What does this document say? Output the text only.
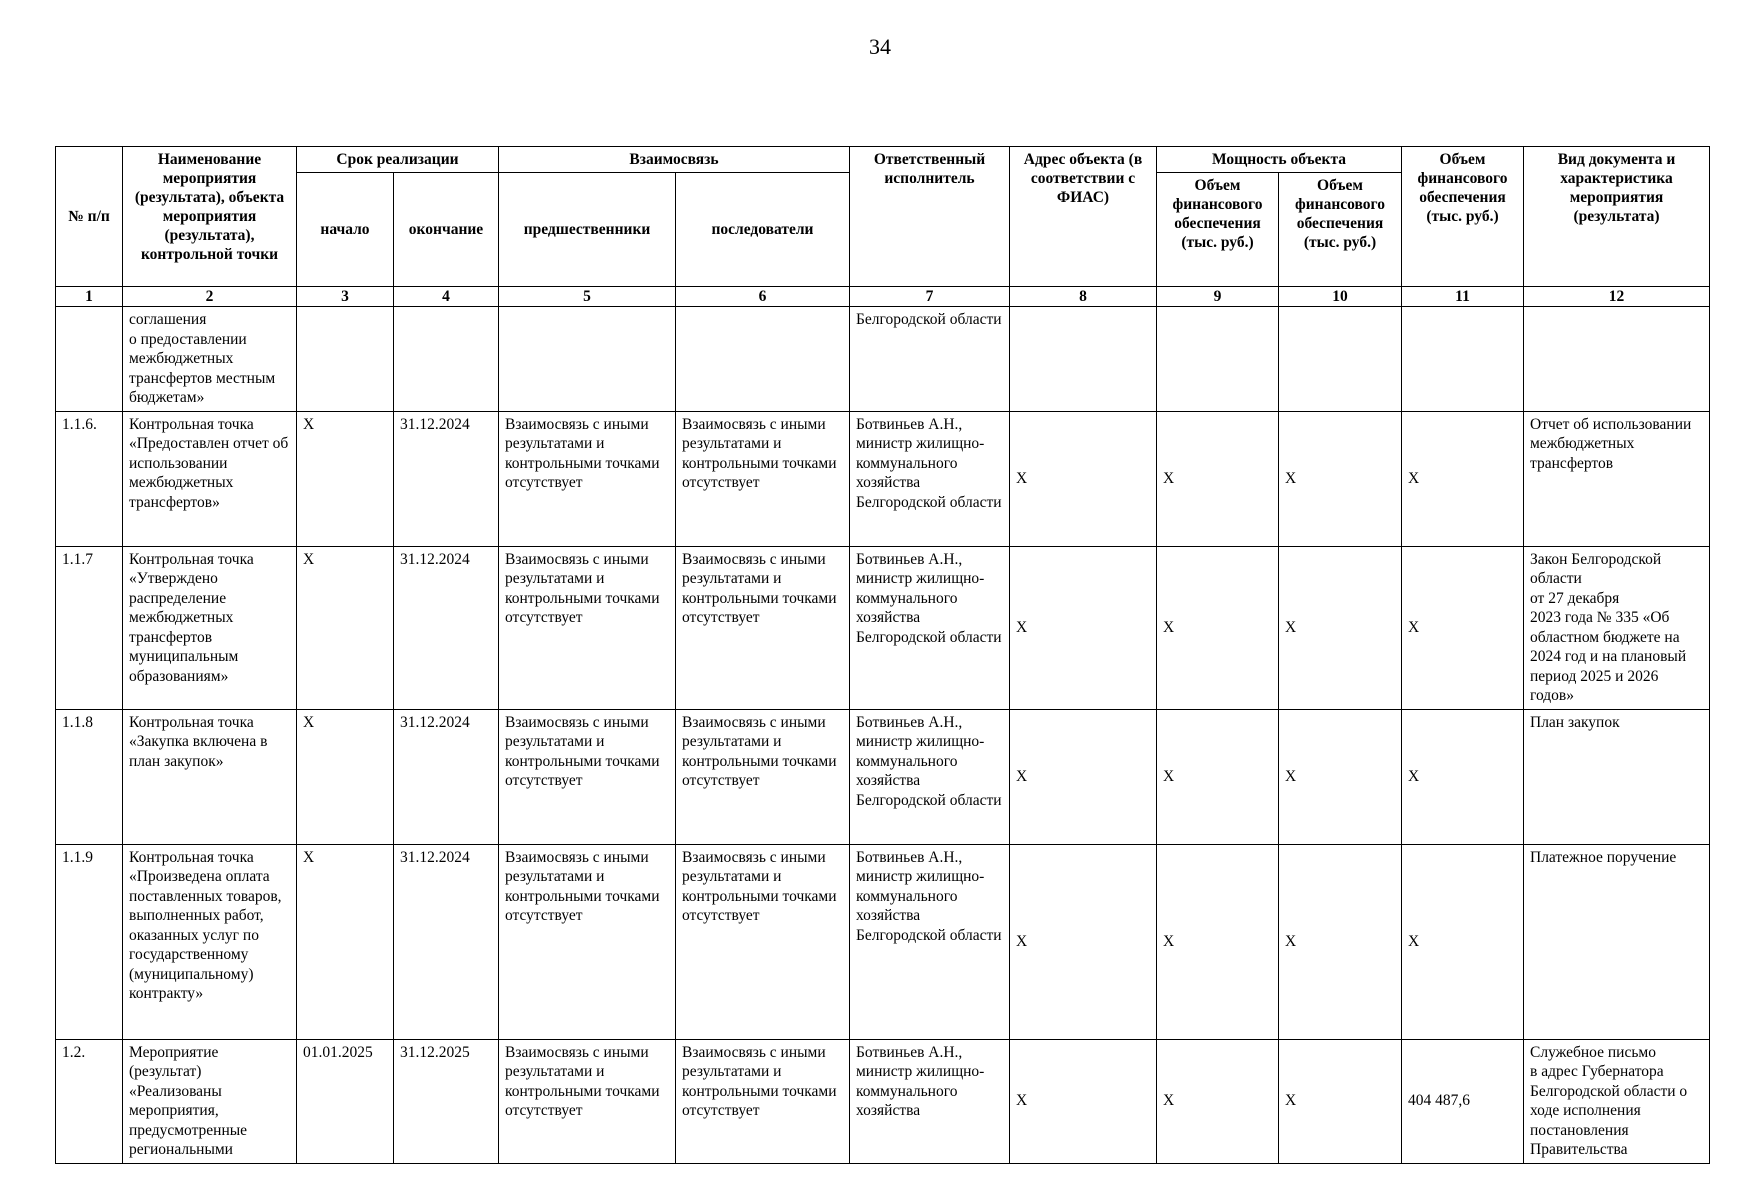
34
№ п/п	Наименование мероприятия (результата), объекта мероприятия (результата), контрольной точки	Срок реализации		Взаимосвязь		Ответственный исполнитель	Адрес объекта (в соответствии с ФИАС)	Мощность объекта		Объем финансового обеспечения (тыс. руб.)	Вид документа и характеристика мероприятия (результата)
		начало	окончание	предшественники	последователи			Объем финансового обеспечения (тыс. руб.)	Объем финансового обеспечения (тыс. руб.)		
1	2	3	4	5	6	7	8	9	10	11	12
	соглашения
о предоставлении межбюджетных трансфертов местным бюджетам»					Белгородской области					
1.1.6.	Контрольная точка «Предоставлен отчет об использовании межбюджетных трансфертов»	X	31.12.2024	Взаимосвязь с иными результатами и контрольными точками отсутствует	Взаимосвязь с иными результатами и контрольными точками отсутствует	Ботвиньев А.Н., министр жилищно-коммунального хозяйства Белгородской области	X	X	X	X	Отчет об использовании межбюджетных трансфертов
1.1.7	Контрольная точка «Утверждено распределение межбюджетных трансфертов муниципальным образованиям»	X	31.12.2024	Взаимосвязь с иными результатами и контрольными точками отсутствует	Взаимосвязь с иными результатами и контрольными точками отсутствует	Ботвиньев А.Н., министр жилищно-коммунального хозяйства Белгородской области	X	X	X	X	Закон Белгородской области
от 27 декабря
2023 года № 335 «Об областном бюджете на 2024 год и на плановый период 2025 и 2026 годов»
1.1.8	Контрольная точка «Закупка включена в план закупок»	X	31.12.2024	Взаимосвязь с иными результатами и контрольными точками отсутствует	Взаимосвязь с иными результатами и контрольными точками отсутствует	Ботвиньев А.Н., министр жилищно-коммунального хозяйства Белгородской области	X	X	X	X	План закупок
1.1.9	Контрольная точка «Произведена оплата поставленных товаров, выполненных работ, оказанных услуг по государственному (муниципальному) контракту»	X	31.12.2024	Взаимосвязь с иными результатами и контрольными точками отсутствует	Взаимосвязь с иными результатами и контрольными точками отсутствует	Ботвиньев А.Н., министр жилищно-коммунального хозяйства Белгородской области	X	X	X	X	Платежное поручение
1.2.	Мероприятие (результат) «Реализованы мероприятия, предусмотренные региональными	01.01.2025	31.12.2025	Взаимосвязь с иными результатами и контрольными точками отсутствует	Взаимосвязь с иными результатами и контрольными точками отсутствует	Ботвиньев А.Н., министр жилищно-коммунального хозяйства	X	X	X	404 487,6	Служебное письмо
в адрес Губернатора Белгородской области о ходе исполнения постановления Правительства
